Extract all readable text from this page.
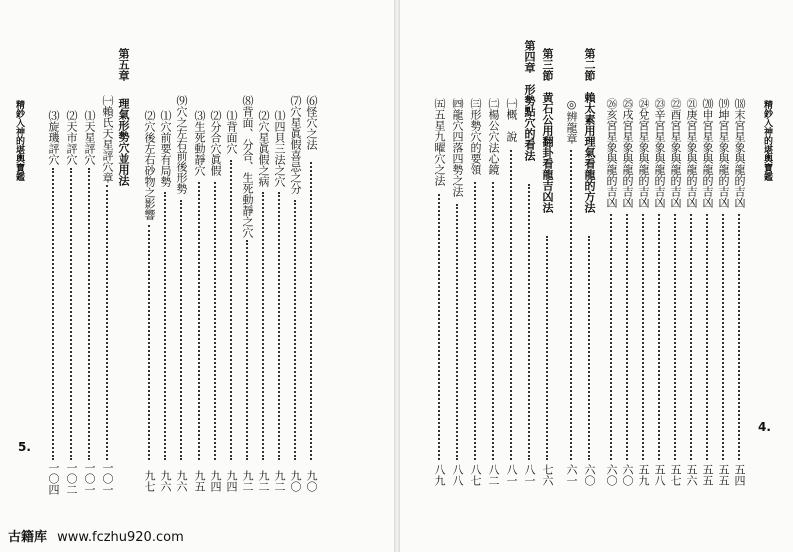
精鈔入神的堪輿寶鑑
5.
第五章
⑹怪穴之法
九〇
⑺穴星眞假喜忌之分
九〇
⑴四貝三法之穴
九二
⑵穴星眞假之病
九二
⑻背面、分合、生死動靜之穴
九二
⑴背面穴
九四
⑵分合穴眞假
九四
⑶生死動靜穴
九五
⑼穴之左右前後形勢
九六
⑴穴前要有局勢
九六
⑵穴後左右砂物之影響
九七
理氣形勢穴並用法
㈠賴氏天星評穴章
一〇一
⑴天星評穴
一〇一
⑵天市評穴
一〇二
⑶旋璣評穴
一〇四
精鈔入神的堪輿寶鑑
4.
⒅末宮星象與龍的吉凶
五四
⒆坤宮星象與龍的吉凶
五五
⒇申宮星象與龍的吉凶
五五
㉑庚宮星象與龍的吉凶
五六
㉒酉宮星象與龍的吉凶
五七
㉓辛宮星象與龍的吉凶
五八
㉔兌宮星象與龍的吉凶
五九
㉕戌宮星象與龍的吉凶
六〇
㉖亥宮星象與龍的吉凶
六〇
第二節　賴太素用理氣看龍的方法
六〇
◎辨龍章
六一
第三節　黄石公用翻卦看龍吉凶法
七六
第四章　形勢點穴的看法
八一
㈠概　說
八一
㈡楊公穴法心鏡
八二
㈢形勢穴的要領
八七
㈣龍穴四落四勢之法
八八
㈤五星九曜穴之法
八九
古籍库 www.fczhu920.com
